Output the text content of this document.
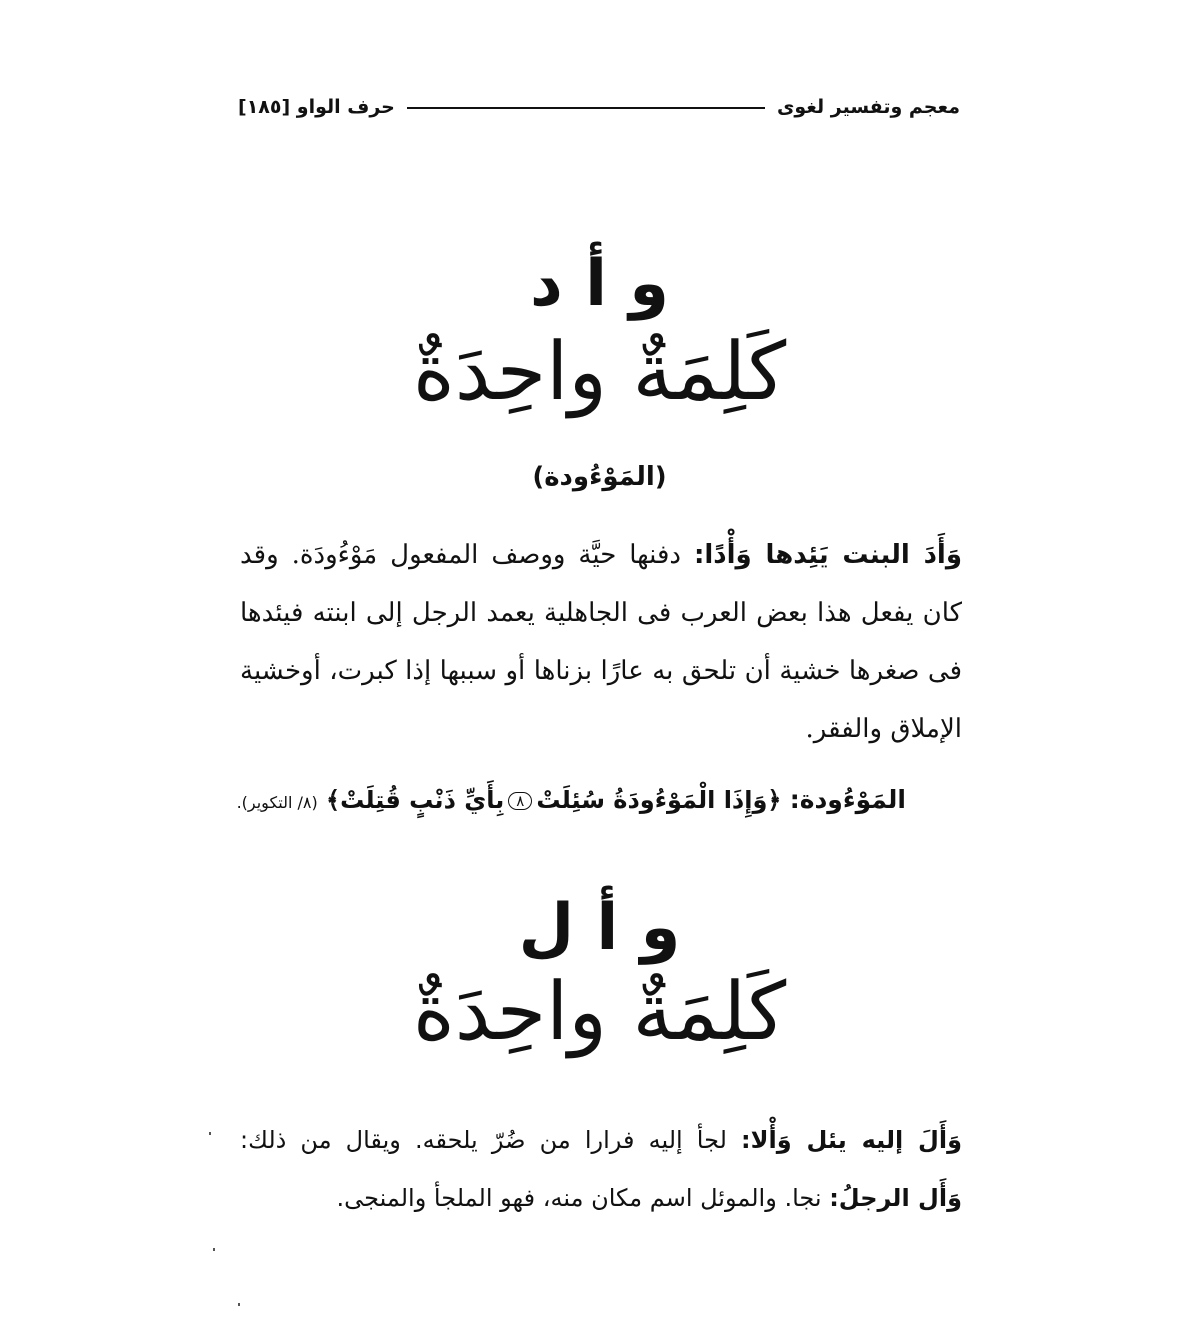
معجم وتفسير لغوى
حرف الواو [١٨٥]
و أ د
كَلِمَةٌ واحِدَةٌ
(المَوْءُودة)
وَأَدَ البنت يَئِدها وَأْدًا: دفنها حيَّة ووصف المفعول مَوْءُودَة. وقد
كان يفعل هذا بعض العرب فى الجاهلية يعمد الرجل إلى ابنته فيئدها
فى صغرها خشية أن تلحق به عارًا بزناها أو سببها إذا كبرت، أوخشية
الإملاق والفقر.
المَوْءُودة: ﴿وَإِذَا الْمَوْءُودَةُ سُئِلَتْ٨بِأَيِّ ذَنْبٍ قُتِلَتْ﴾ (٨/ التكوير).
و أ ل
كَلِمَةٌ واحِدَةٌ
وَأَلَ إليه يئل وَأْلا: لجأ إليه فرارا من ضُرّ يلحقه. ويقال من ذلك:
وَأَل الرجلُ: نجا. والموئل اسم مكان منه، فهو الملجأ والمنجى.
